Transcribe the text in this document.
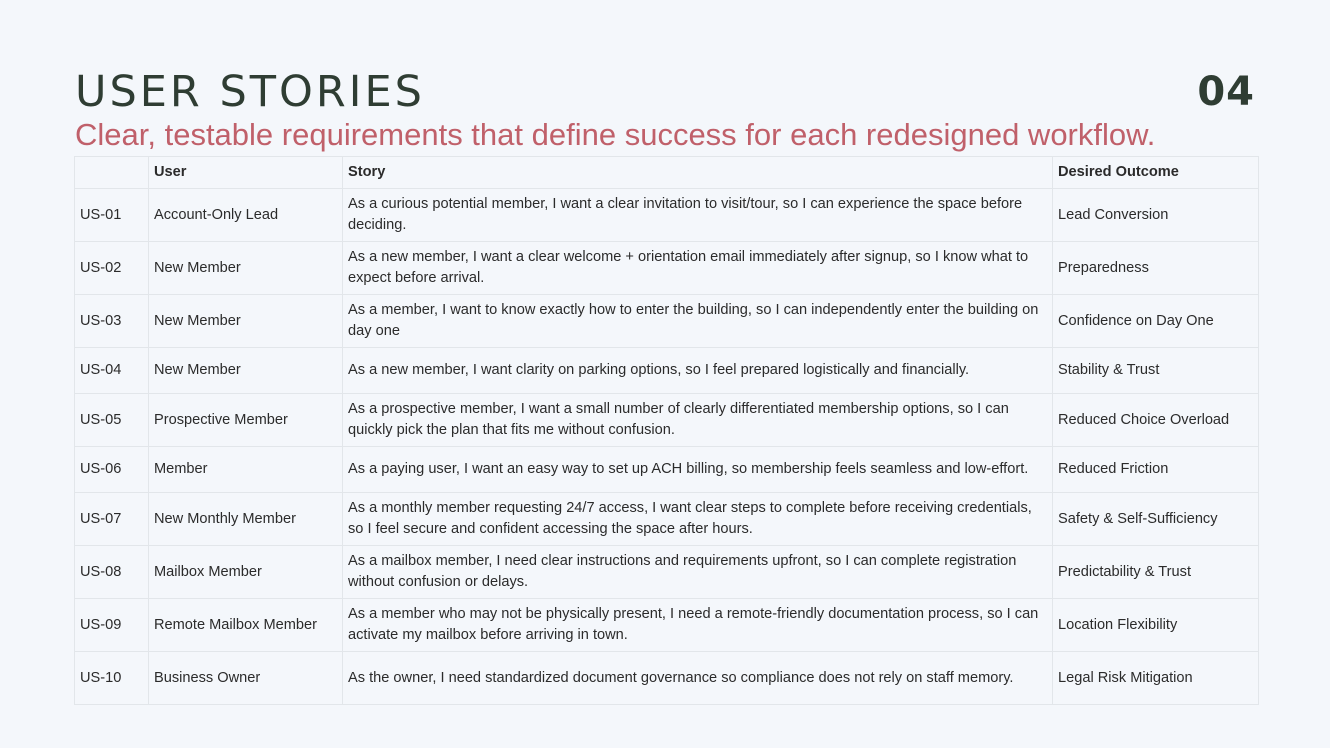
USER STORIES	04
Clear, testable requirements that define success for each redesigned workflow.
	User	Story	Desired Outcome
US-01	Account-Only Lead	As a curious potential member, I want a clear invitation to visit/tour, so I can experience the space before deciding.	Lead Conversion
US-02	New Member	As a new member, I want a clear welcome + orientation email immediately after signup, so I know what to expect before arrival.	Preparedness
US-03	New Member	As a member, I want to know exactly how to enter the building, so I can independently enter the building on day one	Confidence on Day One
US-04	New Member	As a new member, I want clarity on parking options, so I feel prepared logistically and financially.	Stability & Trust
US-05	Prospective Member	As a prospective member, I want a small number of clearly differentiated membership options, so I can quickly pick the plan that fits me without confusion.	Reduced Choice Overload
US-06	Member	As a paying user, I want an easy way to set up ACH billing, so membership feels seamless and low-effort.	Reduced Friction
US-07	New Monthly Member	As a monthly member requesting 24/7 access, I want clear steps to complete before receiving credentials, so I feel secure and confident accessing the space after hours.	Safety & Self-Sufficiency
US-08	Mailbox Member	As a mailbox member, I need clear instructions and requirements upfront, so I can complete registration without confusion or delays.	Predictability & Trust
US-09	Remote Mailbox Member	As a member who may not be physically present, I need a remote-friendly documentation process, so I can activate my mailbox before arriving in town.	Location Flexibility
US-10	Business Owner	As the owner, I need standardized document governance so compliance does not rely on staff memory.	Legal Risk Mitigation
